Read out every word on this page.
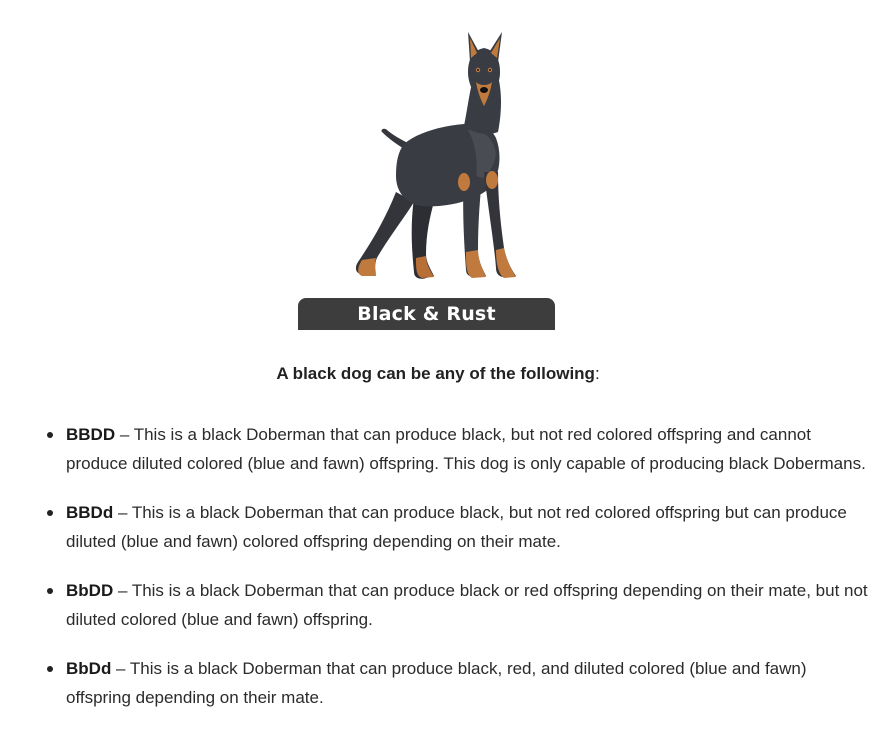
Black & Rust
A black dog can be any of the following:
BBDD – This is a black Doberman that can produce black, but not red colored offspring and cannot produce diluted colored (blue and fawn) offspring. This dog is only capable of producing black Dobermans.
BBDd – This is a black Doberman that can produce black, but not red colored offspring but can produce diluted (blue and fawn) colored offspring depending on their mate.
BbDD – This is a black Doberman that can produce black or red offspring depending on their mate, but not diluted colored (blue and fawn) offspring.
BbDd – This is a black Doberman that can produce black, red, and diluted colored (blue and fawn) offspring depending on their mate.
